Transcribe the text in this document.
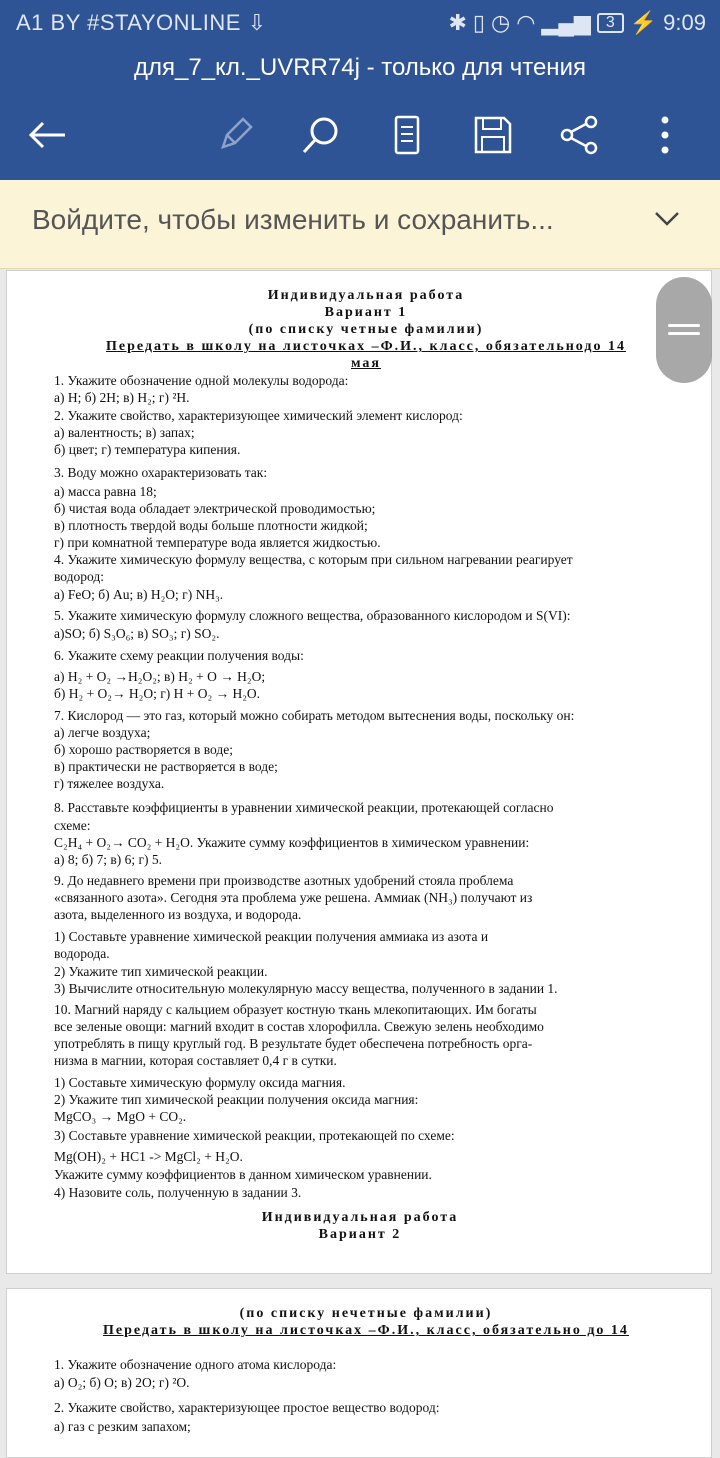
A1 BY #STAYONLINE ⇩	✱ ▯ ◷ ◠ ▂▄▆ 3 ⚡ 9:09
для_7_кл._UVRR74j - только для чтения
Войдите, чтобы изменить и сохранить...
Индивидуальная работа
Вариант 1
(по списку четные фамилии)
Передать в школу на листочках –Ф.И., класс, обязательнодо 14
мая
1. Укажите обозначение одной молекулы водорода:
а) Н; б) 2Н; в) Н₂; г) ²Н.
2. Укажите свойство, характеризующее химический элемент кислород:
а) валентность; в) запах;
б) цвет; г) температура кипения.
3. Воду можно охарактеризовать так:
а) масса равна 18;
б) чистая вода обладает электрической проводимостью;
в) плотность твердой воды больше плотности жидкой;
г) при комнатной температуре вода является жидкостью.
4. Укажите химическую формулу вещества, с которым при сильном нагревании реагирует
водород:
а) FeO; б) Au; в) H₂O; г) NH₃.
5. Укажите химическую формулу сложного вещества, образованного кислородом и S(VI):
а)SO; б) S₃O₆; в) SO₃; г) SO₂.
6. Укажите схему реакции получения воды:
а) H₂ + O₂ →H₂O₂; в) H₂ + O → H₂O;
б) H₂ + O₂→ H₂O; г) H + O₂ → H₂O.
7. Кислород — это газ, который можно собирать методом вытеснения воды, поскольку он:
а) легче воздуха;
б) хорошо растворяется в воде;
в) практически не растворяется в воде;
г) тяжелее воздуха.
8. Расставьте коэффициенты в уравнении химической реакции, протекающей согласно
схеме:
C₂H₄ + O₂→ CO₂ + H₂O. Укажите сумму коэффициентов в химическом уравнении:
а) 8; б) 7; в) 6; г) 5.
9. До недавнего времени при производстве азотных удобрений стояла проблема
«связанного азота». Сегодня эта проблема уже решена. Аммиак (NH₃) получают из
азота, выделенного из воздуха, и водорода.
1) Составьте уравнение химической реакции получения аммиака из азота и
водорода.
2) Укажите тип химической реакции.
3) Вычислите относительную молекулярную массу вещества, полученного в задании 1.
10. Магний наряду с кальцием образует костную ткань млекопитающих. Им богаты
все зеленые овощи: магний входит в состав хлорофилла. Свежую зелень необходимо
употреблять в пищу круглый год. В результате будет обеспечена потребность орга-
низма в магнии, которая составляет 0,4 г в сутки.
1) Составьте химическую формулу оксида магния.
2) Укажите тип химической реакции получения оксида магния:
MgCO₃ → MgO + CO₂.
3) Составьте уравнение химической реакции, протекающей по схеме:
Mg(OH)₂ + HC1 -> MgCl₂ + H₂O.
Укажите сумму коэффициентов в данном химическом уравнении.
4) Назовите соль, полученную в задании 3.
Индивидуальная работа
Вариант 2
(по списку нечетные фамилии)
Передать в школу на листочках –Ф.И., класс, обязательно до 14
1. Укажите обозначение одного атома кислорода:
а) O₂; б) O; в) 2O; г) ²O.
2. Укажите свойство, характеризующее простое вещество водород:
а) газ с резким запахом;
